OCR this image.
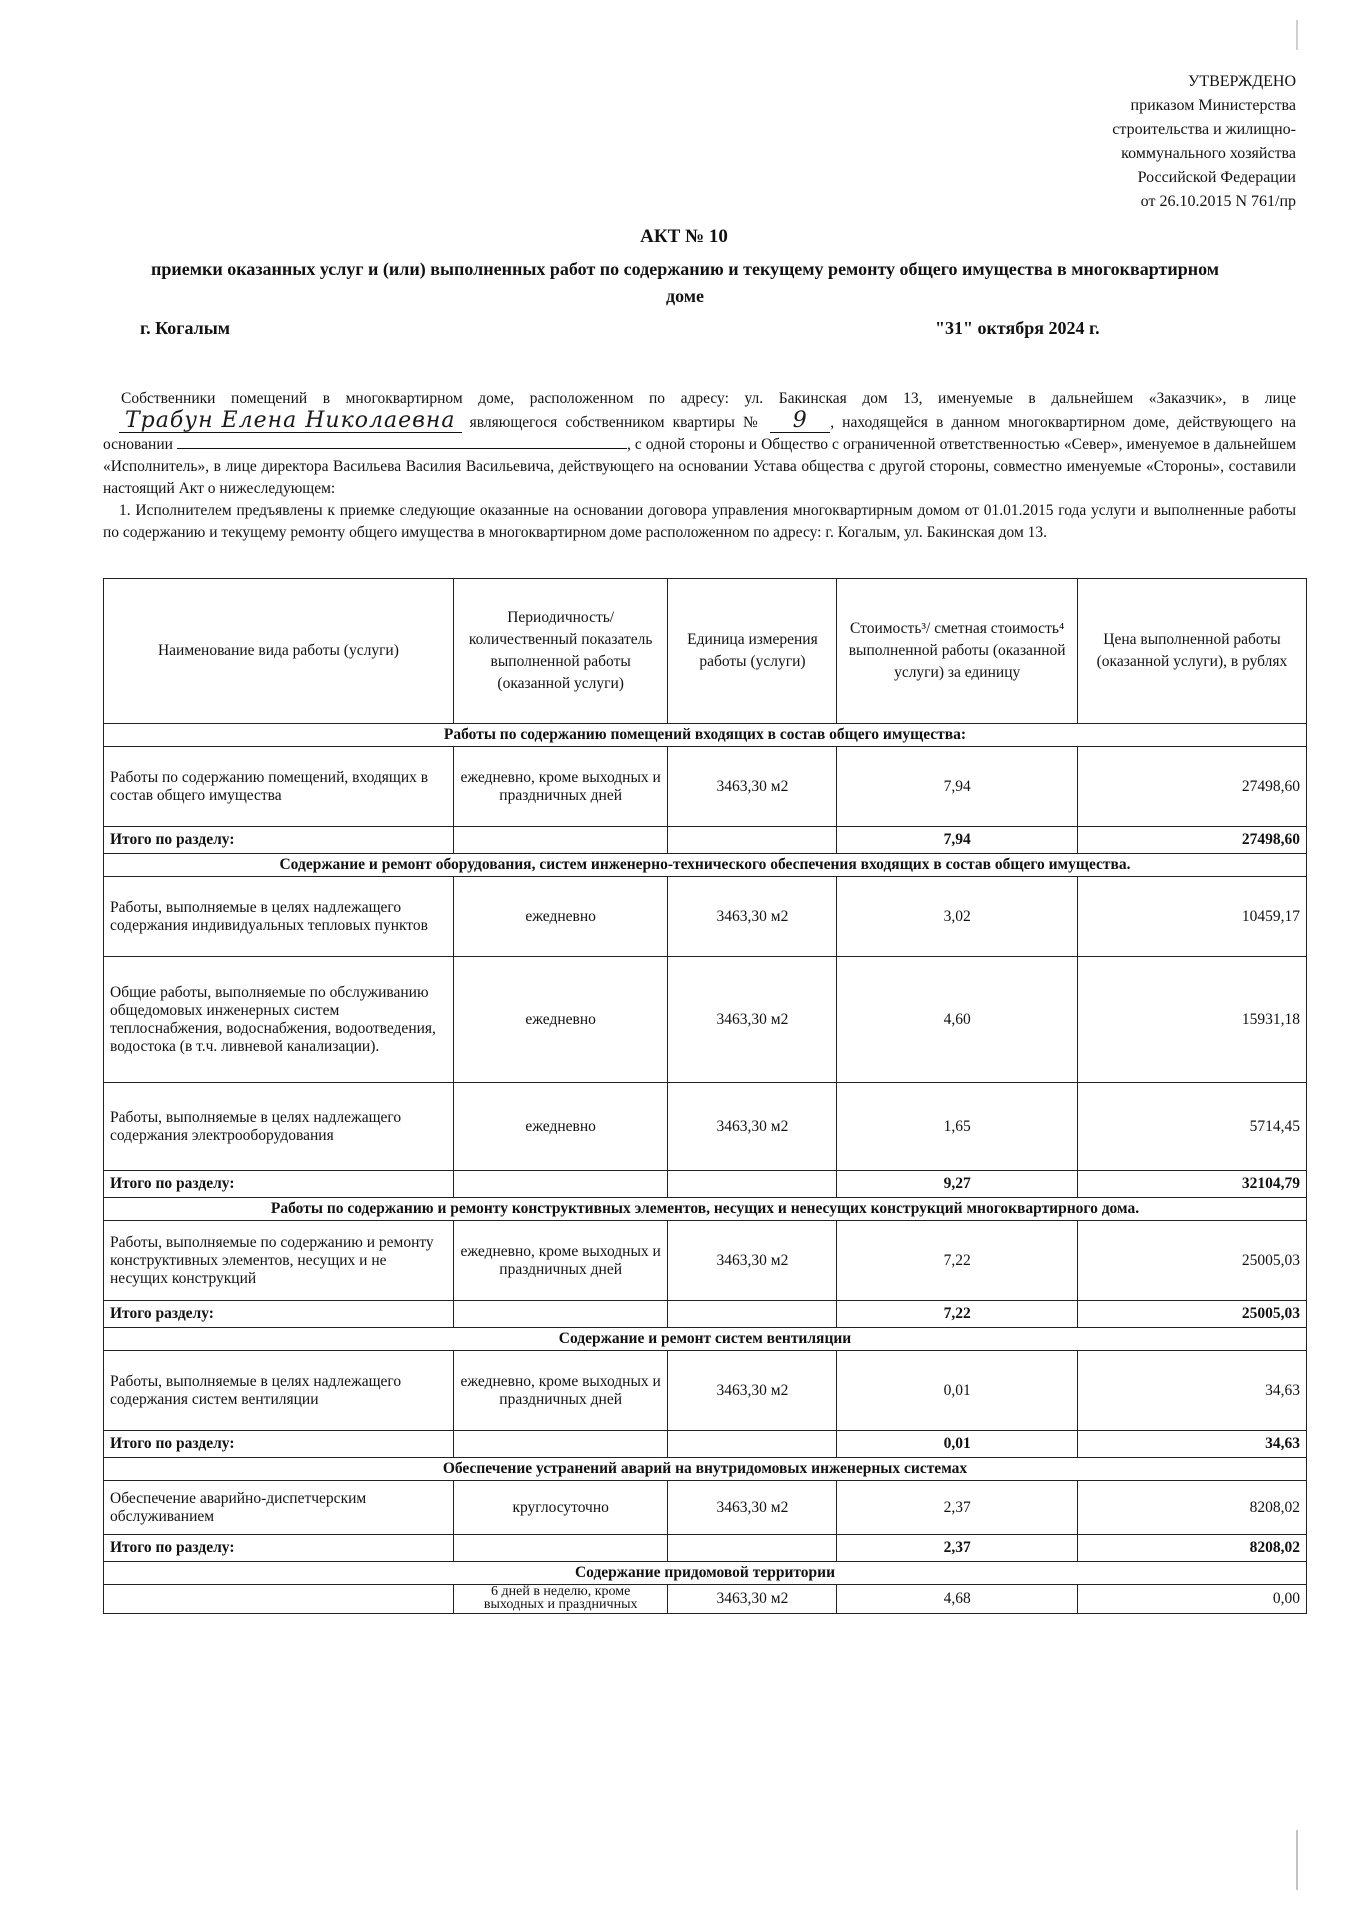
УТВЕРЖДЕНО
приказом Министерства
строительства и жилищно-
коммунального хозяйства
Российской Федерации
от 26.10.2015 N 761/пр
АКТ № 10
приемки оказанных услуг и (или) выполненных работ по содержанию и текущему ремонту общего имущества в многоквартирном доме
г. Когалым	"31" октября 2024 г.

Собственники помещений в многоквартирном доме, расположенном по адресу: ул. Бакинская дом 13, именуемые в дальнейшем «Заказчик», в лице Трабун Елена Николаевна являющегося собственником квартиры № 9 , находящейся в данном многоквартирном доме, действующего на основании	, с одной стороны и Общество с ограниченной ответственностью «Север», именуемое в дальнейшем «Исполнитель», в лице директора Васильева Василия Васильевича, действующего на основании Устава общества с другой стороны, совместно именуемые «Стороны», составили настоящий Акт о нижеследующем:

1. Исполнителем предъявлены к приемке следующие оказанные на основании договора управления многоквартирным домом от 01.01.2015 года услуги и выполненные работы по содержанию и текущему ремонту общего имущества в многоквартирном доме расположенном по адресу: г. Когалым, ул. Бакинская дом 13.

Наименование вида работы (услуги)	Периодичность/ количественный показатель выполненной работы (оказанной услуги)	Единица измерения работы (услуги)	Стоимость³/ сметная стоимость⁴ выполненной работы (оказанной услуги) за единицу	Цена выполненной работы (оказанной услуги), в рублях
Работы по содержанию помещений входящих в состав общего имущества:				
Работы по содержанию помещений, входящих в состав общего имущества	ежедневно, кроме выходных и праздничных дней	3463,30 м2	7,94	27498,60
Итого по разделу:			7,94	27498,60
Содержание и ремонт оборудования, систем инженерно-технического обеспечения входящих в состав общего имущества.				
Работы, выполняемые в целях надлежащего содержания индивидуальных тепловых пунктов	ежедневно	3463,30 м2	3,02	10459,17
Общие работы, выполняемые по обслуживанию общедомовых инженерных систем теплоснабжения, водоснабжения, водоотведения, водостока (в т.ч. ливневой канализации).	ежедневно	3463,30 м2	4,60	15931,18
Работы, выполняемые в целях надлежащего содержания электрооборудования	ежедневно	3463,30 м2	1,65	5714,45
Итого по разделу:			9,27	32104,79
Работы по содержанию и ремонту конструктивных элементов, несущих и ненесущих конструкций многоквартирного дома.				
Работы, выполняемые по содержанию и ремонту конструктивных элементов, несущих и не несущих конструкций	ежедневно, кроме выходных и праздничных дней	3463,30 м2	7,22	25005,03
Итого разделу:			7,22	25005,03
Содержание и ремонт систем вентиляции				
Работы, выполняемые в целях надлежащего содержания систем вентиляции	ежедневно, кроме выходных и праздничных дней	3463,30 м2	0,01	34,63
Итого по разделу:			0,01	34,63
Обеспечение устранений аварий на внутридомовых инженерных системах				
Обеспечение аварийно-диспетчерским обслуживанием	круглосуточно	3463,30 м2	2,37	8208,02
Итого по разделу:			2,37	8208,02
Содержание придомовой территории				
	6 дней в неделю, кроме выходных и праздничных	3463,30 м2	4,68	0,00
